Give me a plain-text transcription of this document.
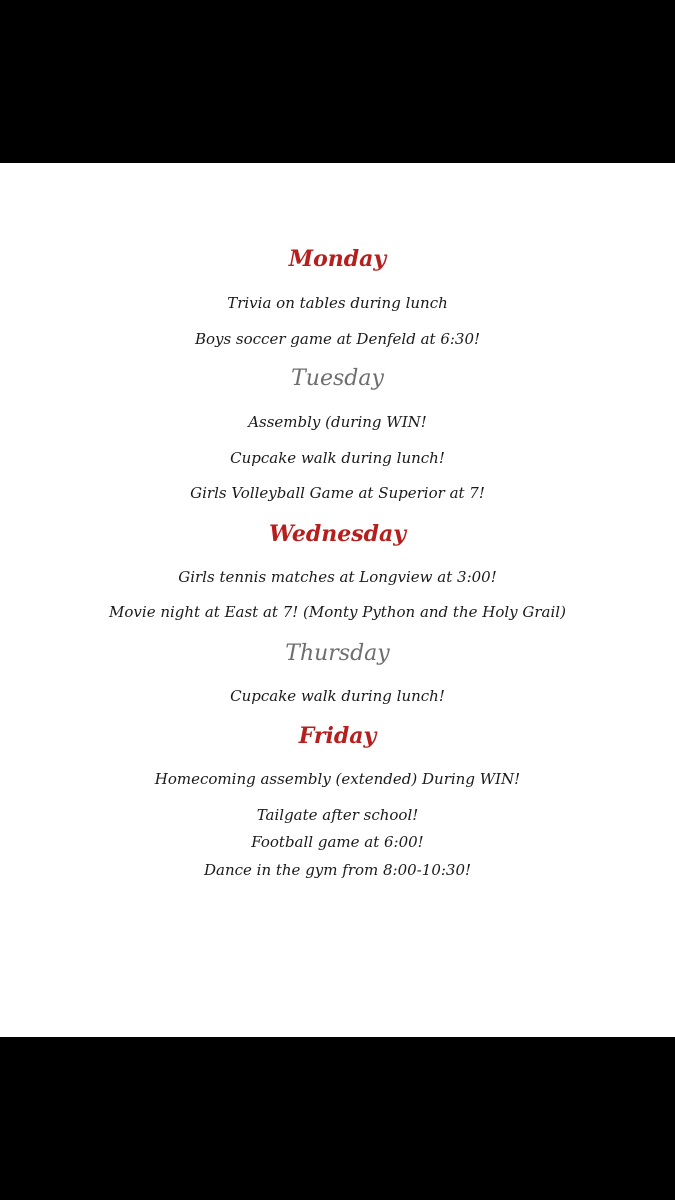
Monday
Trivia on tables during lunch
Boys soccer game at Denfeld at 6:30!
Tuesday
Assembly (during WIN!
Cupcake walk during lunch!
Girls Volleyball Game at Superior at 7!
Wednesday
Girls tennis matches at Longview at 3:00!
Movie night at East at 7! (Monty Python and the Holy Grail)
Thursday
Cupcake walk during lunch!
Friday
Homecoming assembly (extended) During WIN!
Tailgate after school!
Football game at 6:00!
Dance in the gym from 8:00-10:30!
